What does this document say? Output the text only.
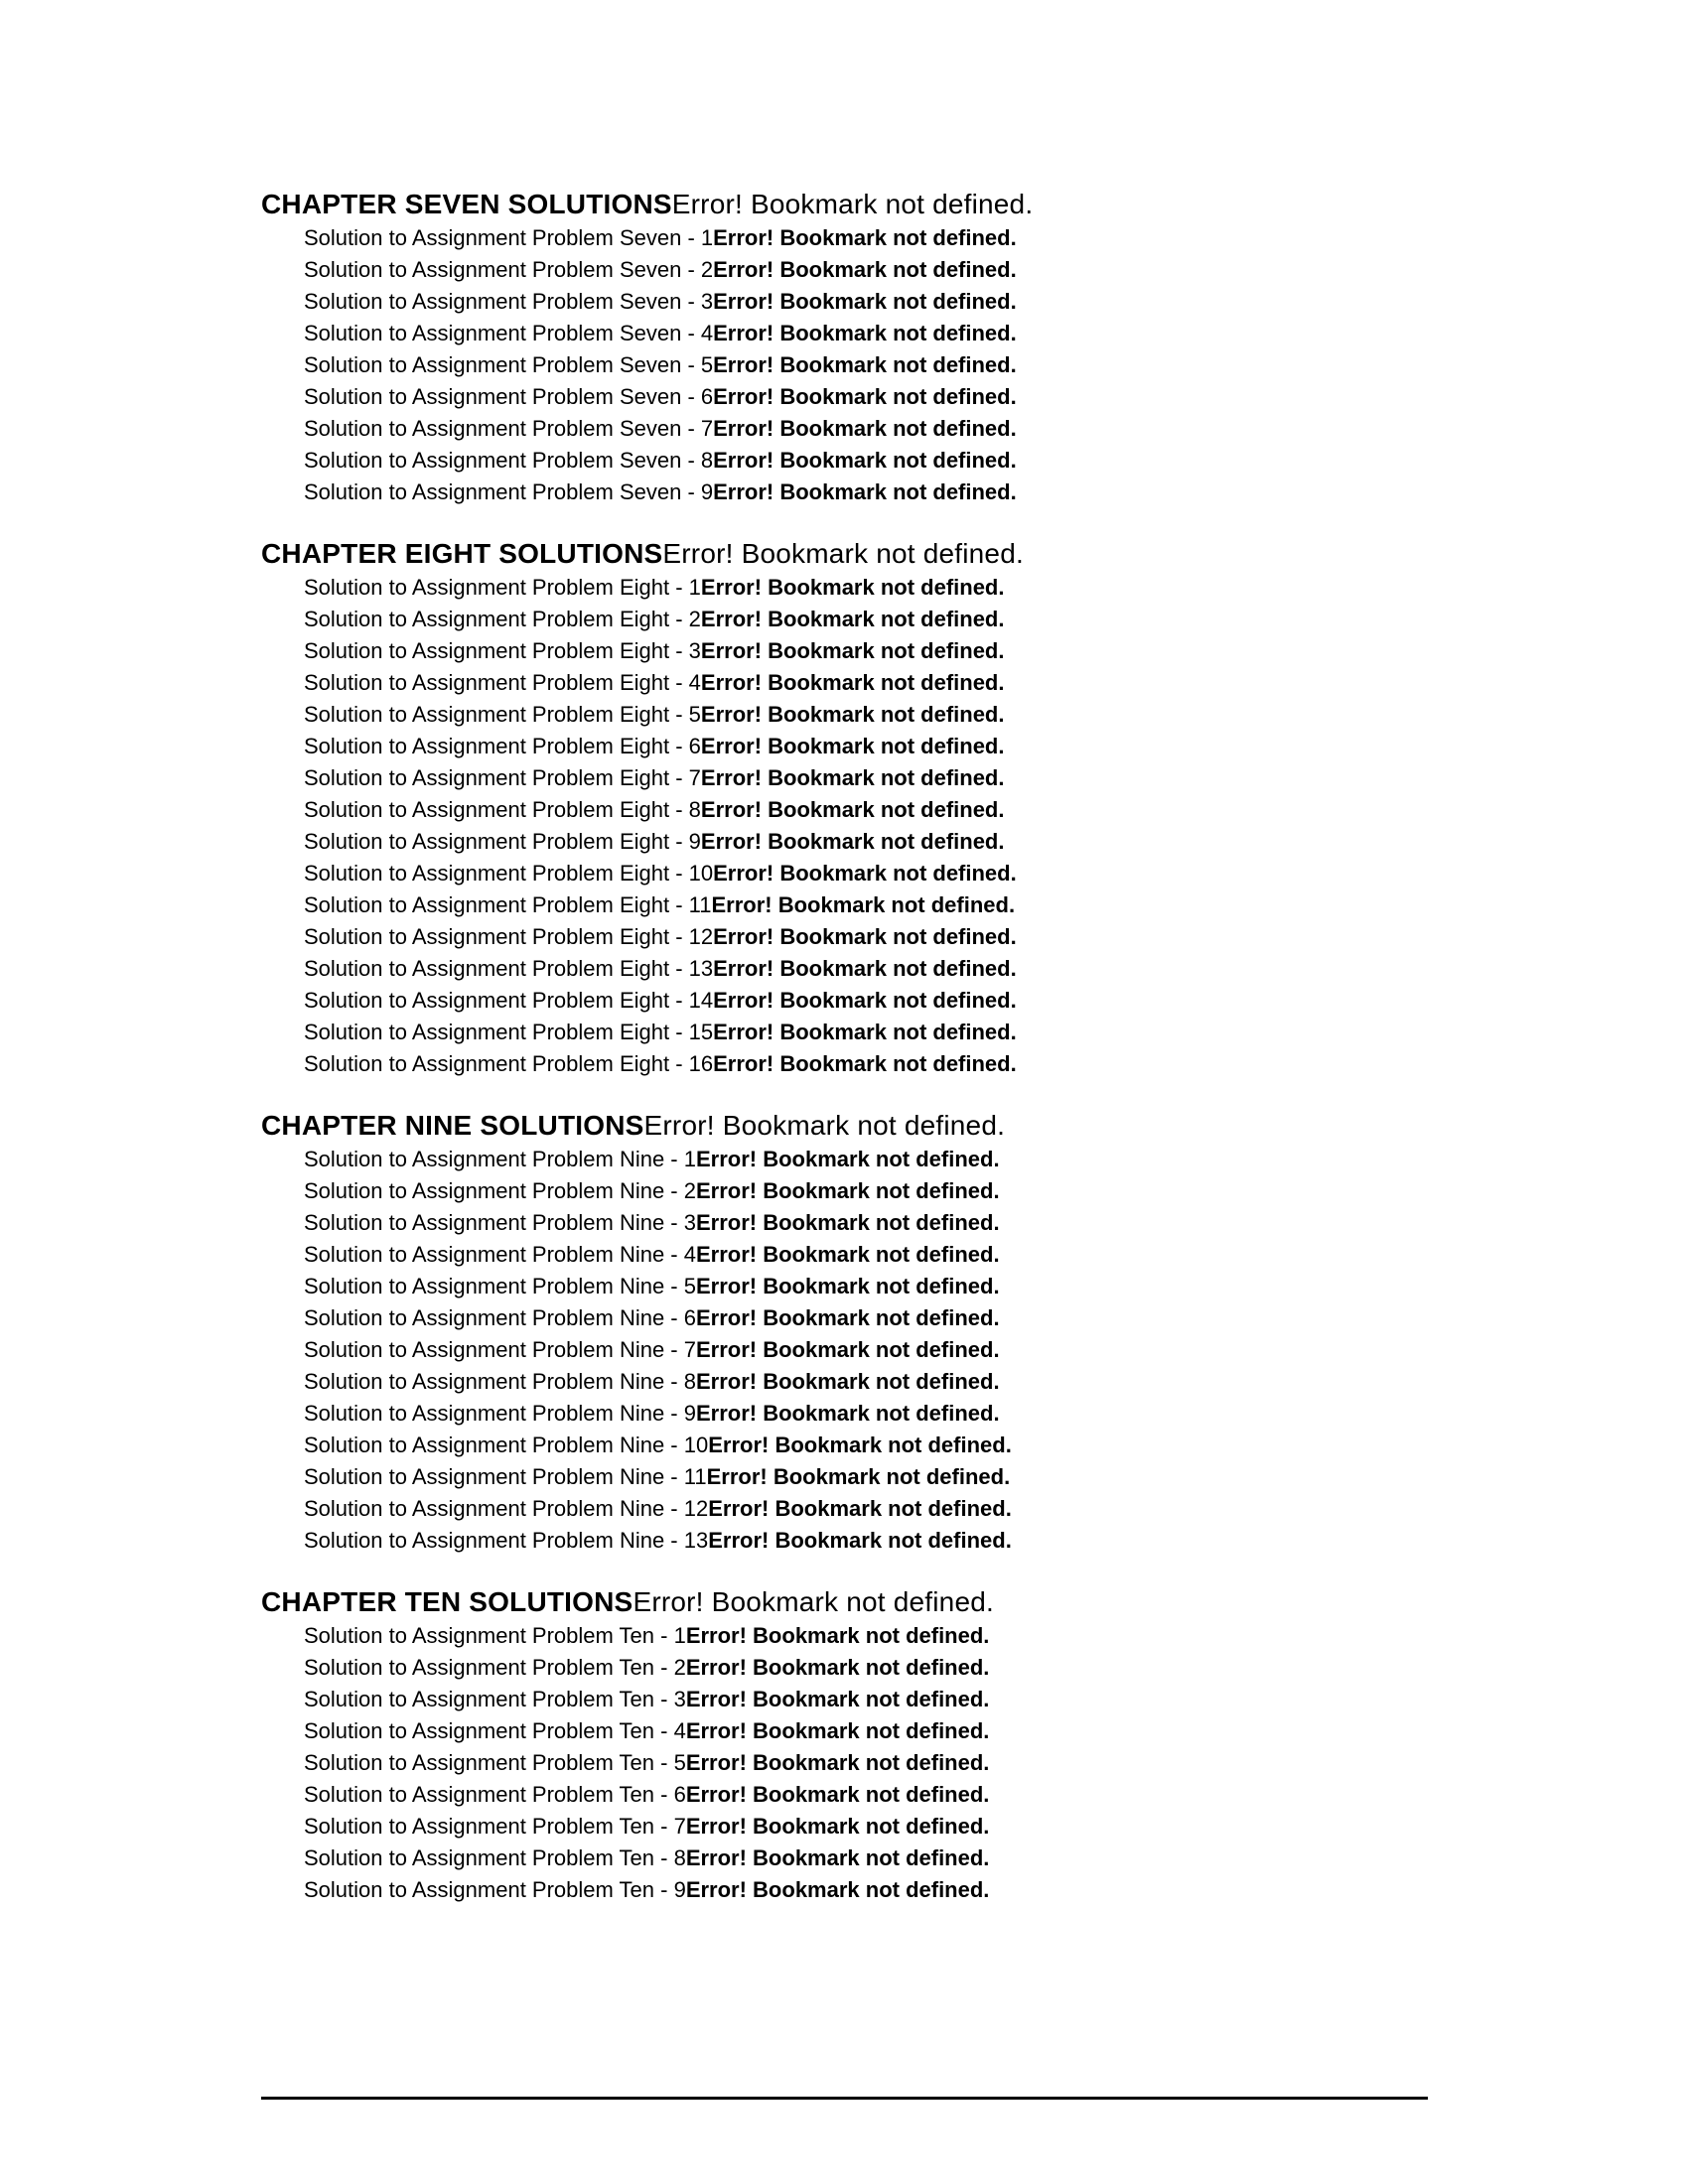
CHAPTER SEVEN SOLUTIONSError! Bookmark not defined.
Solution to Assignment Problem Seven - 1Error! Bookmark not defined.
Solution to Assignment Problem Seven - 2Error! Bookmark not defined.
Solution to Assignment Problem Seven - 3Error! Bookmark not defined.
Solution to Assignment Problem Seven - 4Error! Bookmark not defined.
Solution to Assignment Problem Seven - 5Error! Bookmark not defined.
Solution to Assignment Problem Seven - 6Error! Bookmark not defined.
Solution to Assignment Problem Seven - 7Error! Bookmark not defined.
Solution to Assignment Problem Seven - 8Error! Bookmark not defined.
Solution to Assignment Problem Seven - 9Error! Bookmark not defined.
CHAPTER EIGHT SOLUTIONSError! Bookmark not defined.
Solution to Assignment Problem Eight - 1Error! Bookmark not defined.
Solution to Assignment Problem Eight - 2Error! Bookmark not defined.
Solution to Assignment Problem Eight - 3Error! Bookmark not defined.
Solution to Assignment Problem Eight - 4Error! Bookmark not defined.
Solution to Assignment Problem Eight - 5Error! Bookmark not defined.
Solution to Assignment Problem Eight - 6Error! Bookmark not defined.
Solution to Assignment Problem Eight - 7Error! Bookmark not defined.
Solution to Assignment Problem Eight - 8Error! Bookmark not defined.
Solution to Assignment Problem Eight - 9Error! Bookmark not defined.
Solution to Assignment Problem Eight - 10Error! Bookmark not defined.
Solution to Assignment Problem Eight - 11Error! Bookmark not defined.
Solution to Assignment Problem Eight - 12Error! Bookmark not defined.
Solution to Assignment Problem Eight - 13Error! Bookmark not defined.
Solution to Assignment Problem Eight - 14Error! Bookmark not defined.
Solution to Assignment Problem Eight - 15Error! Bookmark not defined.
Solution to Assignment Problem Eight - 16Error! Bookmark not defined.
CHAPTER NINE SOLUTIONSError! Bookmark not defined.
Solution to Assignment Problem Nine - 1Error! Bookmark not defined.
Solution to Assignment Problem Nine - 2Error! Bookmark not defined.
Solution to Assignment Problem Nine - 3Error! Bookmark not defined.
Solution to Assignment Problem Nine - 4Error! Bookmark not defined.
Solution to Assignment Problem Nine - 5Error! Bookmark not defined.
Solution to Assignment Problem Nine - 6Error! Bookmark not defined.
Solution to Assignment Problem Nine - 7Error! Bookmark not defined.
Solution to Assignment Problem Nine - 8Error! Bookmark not defined.
Solution to Assignment Problem Nine - 9Error! Bookmark not defined.
Solution to Assignment Problem Nine - 10Error! Bookmark not defined.
Solution to Assignment Problem Nine - 11Error! Bookmark not defined.
Solution to Assignment Problem Nine - 12Error! Bookmark not defined.
Solution to Assignment Problem Nine - 13Error! Bookmark not defined.
CHAPTER TEN SOLUTIONSError! Bookmark not defined.
Solution to Assignment Problem Ten - 1Error! Bookmark not defined.
Solution to Assignment Problem Ten - 2Error! Bookmark not defined.
Solution to Assignment Problem Ten - 3Error! Bookmark not defined.
Solution to Assignment Problem Ten - 4Error! Bookmark not defined.
Solution to Assignment Problem Ten - 5Error! Bookmark not defined.
Solution to Assignment Problem Ten - 6Error! Bookmark not defined.
Solution to Assignment Problem Ten - 7Error! Bookmark not defined.
Solution to Assignment Problem Ten - 8Error! Bookmark not defined.
Solution to Assignment Problem Ten - 9Error! Bookmark not defined.
